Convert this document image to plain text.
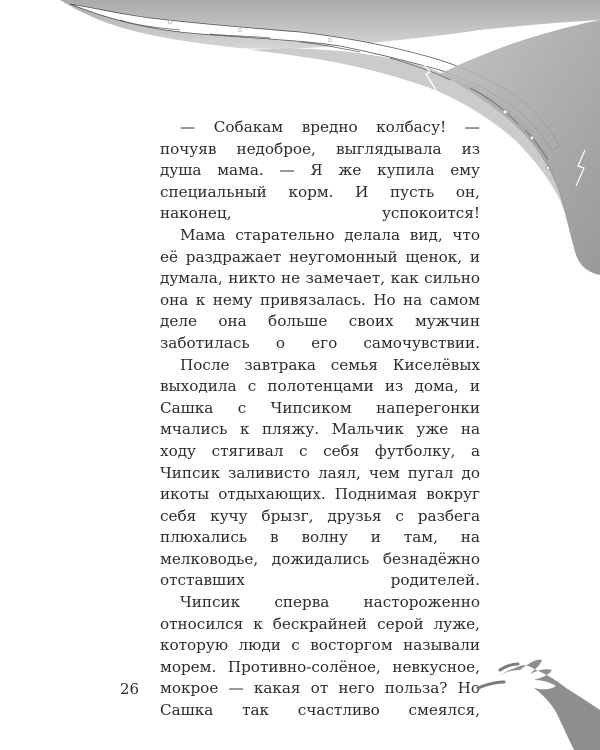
— Собакам вредно колбасу! — почуяв недоброе, выглядывала из душа мама. — Я же купила ему специальный корм. И пусть он, наконец, успокоится!

Мама старательно делала вид, что её раздражает неугомонный щенок, и думала, никто не замечает, как сильно она к нему привязалась. Но на самом деле она больше своих мужчин заботилась о его самочувствии.

После завтрака семья Киселёвых выходила с полотенцами из дома, и Сашка с Чипсиком наперегонки мчались к пляжу. Мальчик уже на ходу стягивал с себя футболку, а Чипсик заливисто лаял, чем пугал до икоты отдыхающих. Поднимая вокруг себя кучу брызг, друзья с разбега плюхались в волну и там, на мелководье, дожидались безнадёжно отставших родителей.

Чипсик сперва настороженно относился к бескрайней серой луже, которую люди с восторгом называли морем. Противно-солёное, невкусное, мокрое — какая от него польза? Но Сашка так счастливо смеялся,

26
